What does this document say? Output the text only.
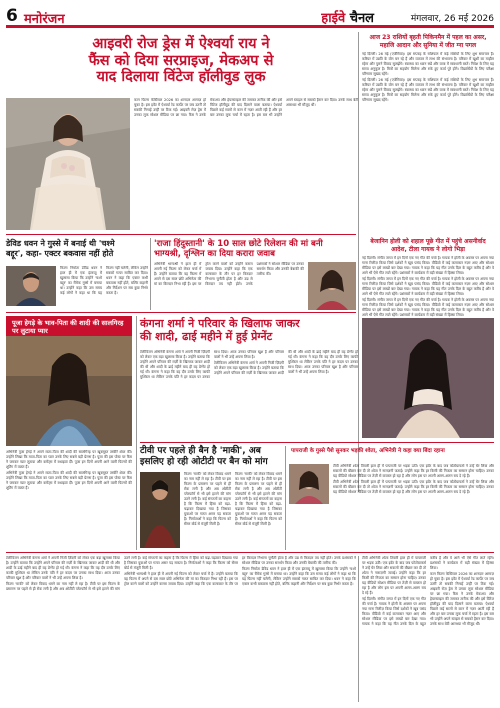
6 मनोरंजन	हाईवे चैनल	मंगलवार, 26 मई 2026
आइवरी रोज ड्रेस में ऐश्वर्या राय ने
फैंस को दिया सरप्राइज, मेकअप से
याद दिलाया विंटेज हॉलीवुड लुक

कान फिल्म फेस्टिवल 2026 का शानदार आगाज़ हो चुका है। इस इवेंट में ऐश्वर्या रेड कार्पेट पर जब उतरीं तो सबकी निगाहें उन्हीं पर टिक गईं। आइवरी रोज़ ड्रेस में उनका लुक सोशल मीडिया पर छा गया। फैंस ने उनके मेकअप और हेयरस्टाइल की जमकर तारीफ की और इसे विंटेज हॉलीवुड की याद दिलाने वाला बताया। ऐश्वर्या पिछले कई सालों से कान में नज़र आती रही हैं और हर बार उनका लुक चर्चा में रहता है। इस बार भी उन्होंने अपने स्टाइल से सबको हैरान कर दिया। उनके साथ बेटी आराध्या भी मौजूद थीं।

आज 23 राशियों बृहती पिकिनमैन में पहल का असर, महाजि आदान और सुनिया में जीत ग्ना पगल

नई दिल्ली। 26 मई (एजेंसियां)। इस सप्ताह के राशिफल में कई राशियों के लिए शुभ समाचार हैं। करियर में उन्नति के योग बन रहे हैं और व्यापार में लाभ की संभावना है। परिवार में खुशी का माहौल रहेगा और पुराने विवाद सुलझेंगे। स्वास्थ्य का ध्यान रखें और यात्रा में सावधानी बरतें। निवेश के लिए यह समय अनुकूल है। मित्रों का सहयोग मिलेगा और रुके हुए कार्य पूरे होंगे। विद्यार्थियों के लिए परीक्षा परिणाम सुखद रहेंगे।

नई दिल्ली। 26 मई (एजेंसियां)। इस सप्ताह के राशिफल में कई राशियों के लिए शुभ समाचार हैं। करियर में उन्नति के योग बन रहे हैं और व्यापार में लाभ की संभावना है। परिवार में खुशी का माहौल रहेगा और पुराने विवाद सुलझेंगे। स्वास्थ्य का ध्यान रखें और यात्रा में सावधानी बरतें। निवेश के लिए यह समय अनुकूल है। मित्रों का सहयोग मिलेगा और रुके हुए कार्य पूरे होंगे। विद्यार्थियों के लिए परीक्षा परिणाम सुखद रहेंगे।

बेजानिन होली को शहाल पूछे गीत में पहुंचे असनीर्वाद आदेश, टीला गायक ने लोगो भिड़ा

नई दिल्ली। संगीत जगत में इन दिनों एक नए गीत की चर्चा है। गायक ने होली के अवसर पर अपना नया गाना रिलीज़ किया जिसे दर्शकों ने खूब पसंद किया। वीडियो में कई कलाकार नज़र आए और सोशल मीडिया पर इसे लाखों बार देखा गया। गायक ने कहा कि यह गीत उनके दिल के बहुत करीब है और वे आगे भी ऐसे गीत लाते रहेंगे। प्रशंसकों ने कार्यक्रम में बड़ी संख्या में हिस्सा लिया।

नई दिल्ली। संगीत जगत में इन दिनों एक नए गीत की चर्चा है। गायक ने होली के अवसर पर अपना नया गाना रिलीज़ किया जिसे दर्शकों ने खूब पसंद किया। वीडियो में कई कलाकार नज़र आए और सोशल मीडिया पर इसे लाखों बार देखा गया। गायक ने कहा कि यह गीत उनके दिल के बहुत करीब है और वे आगे भी ऐसे गीत लाते रहेंगे। प्रशंसकों ने कार्यक्रम में बड़ी संख्या में हिस्सा लिया।

नई दिल्ली। संगीत जगत में इन दिनों एक नए गीत की चर्चा है। गायक ने होली के अवसर पर अपना नया गाना रिलीज़ किया जिसे दर्शकों ने खूब पसंद किया। वीडियो में कई कलाकार नज़र आए और सोशल मीडिया पर इसे लाखों बार देखा गया। गायक ने कहा कि यह गीत उनके दिल के बहुत करीब है और वे आगे भी ऐसे गीत लाते रहेंगे। प्रशंसकों ने कार्यक्रम में बड़ी संख्या में हिस्सा लिया।

डेविड धवन ने गुस्से में बनाई थी 'चश्मे
बद्दूर', कहा- एक्टर बकवास नहीं होते

फिल्म निर्माता डेविड धवन ने हाल ही में एक इंटरव्यू में खुलासा किया कि उन्होंने 'चश्मे बद्दूर' का रीमेक गुस्से में बनाया था। उन्होंने कहा कि उस समय कई लोगों ने कहा था कि यह फिल्म नहीं चलेगी, लेकिन उन्होंने सबको गलत साबित कर दिया। धवन ने कहा कि एक्टर कभी बकवास नहीं होते, बल्कि कहानी और निर्देशन पर सब कुछ निर्भर करता है।

'राजा हिंदुस्तानी' के 10 साल छोटे रिलेशन की मां बनी
भाग्यश्री, दृश्लिन का दिया करारा जवाब

अभिनेत्री भाग्यश्री ने हाल ही में अपनी नई फिल्म को लेकर चर्चा में हैं। उन्होंने बताया कि वह फिल्म में अपने से दस साल छोटे अभिनेता की मां का किरदार निभा रही हैं। इस पर ट्रोल करने वालों को उन्होंने करारा जवाब दिया। उन्होंने कहा कि एक कलाकार के तौर पर हर किरदार निभाना चुनौती होता है और उम्र से किरदार तय नहीं होते। उनके प्रशंसकों ने सोशल मीडिया पर उनका समर्थन किया और उनकी बेबाकी की तारीफ की।

पूजा हेगड़े के भाव-पिता की शादी की सालगिरह पर लुटाया प्यार

अभिनेत्री पूजा हेगड़े ने अपने माता-पिता की शादी की सालगिरह पर खूबसूरत तस्वीरें शेयर कीं। उन्होंने लिखा कि माता-पिता का प्यार उनके लिए सबसे बड़ी प्रेरणा है। पूजा की इस पोस्ट पर फैंस ने जमकर प्यार लुटाया और कमेंट्स में बधाइयां दीं। पूजा इन दिनों अपनी आने वाली फिल्मों की शूटिंग में व्यस्त हैं।

अभिनेत्री पूजा हेगड़े ने अपने माता-पिता की शादी की सालगिरह पर खूबसूरत तस्वीरें शेयर कीं। उन्होंने लिखा कि माता-पिता का प्यार उनके लिए सबसे बड़ी प्रेरणा है। पूजा की इस पोस्ट पर फैंस ने जमकर प्यार लुटाया और कमेंट्स में बधाइयां दीं। पूजा इन दिनों अपनी आने वाली फिल्मों की शूटिंग में व्यस्त हैं।

कंगना शर्मा ने परिवार के खिलाफ जाकर
की शादी, ढाई महीने में हुई प्रेग्नेंट

टेलीविजन अभिनेत्री कंगना शर्मा ने अपनी निजी ज़िंदगी को लेकर एक बड़ा खुलासा किया है। उन्होंने बताया कि उन्होंने अपने परिवार की मर्ज़ी के खिलाफ जाकर शादी की थी और शादी के ढाई महीने बाद ही वह प्रेग्नेंट हो गई थीं। कंगना ने कहा कि वह दौर उनके लिए काफी मुश्किल था लेकिन उनके पति ने हर कदम पर उनका साथ दिया। आज उनका परिवार खुश है और परिवार वालों ने भी उन्हें अपना लिया है।

टेलीविजन अभिनेत्री कंगना शर्मा ने अपनी निजी ज़िंदगी को लेकर एक बड़ा खुलासा किया है। उन्होंने बताया कि उन्होंने अपने परिवार की मर्ज़ी के खिलाफ जाकर शादी की थी और शादी के ढाई महीने बाद ही वह प्रेग्नेंट हो गई थीं। कंगना ने कहा कि वह दौर उनके लिए काफी मुश्किल था लेकिन उनके पति ने हर कदम पर उनका साथ दिया। आज उनका परिवार खुश है और परिवार वालों ने भी उन्हें अपना लिया है।

टीवी पर पहले ही बैन है 'माकी', अब
इसलिए हो रही ओटीटी पर बैन को मांग

फिल्म 'माकी' को लेकर विवाद थमने का नाम नहीं ले रहा है। टीवी पर इस फिल्म के प्रसारण पर पहले से ही रोक लगी है और अब ओटीटी प्लेटफॉर्म से भी इसे हटाने की मांग उठने लगी है। कई संगठनों का कहना है कि फिल्म में हिंसा को बढ़ा-चढ़ाकर दिखाया गया है जिसका युवाओं पर गलत असर पड़ सकता है। निर्माताओं ने कहा कि फिल्म को सेंसर बोर्ड से मंजूरी मिली है।

फिल्म 'माकी' को लेकर विवाद थमने का नाम नहीं ले रहा है। टीवी पर इस फिल्म के प्रसारण पर पहले से ही रोक लगी है और अब ओटीटी प्लेटफॉर्म से भी इसे हटाने की मांग उठने लगी है। कई संगठनों का कहना है कि फिल्म में हिंसा को बढ़ा-चढ़ाकर दिखाया गया है जिसका युवाओं पर गलत असर पड़ सकता है। निर्माताओं ने कहा कि फिल्म को सेंसर बोर्ड से मंजूरी मिली है।

पापराजी के गुस्से पैशे सुनकर भड़की श्वेता, अभिनेत्री ने कहा क्या बिंदा रहाना

टीवी अभिनेत्री श्वेता तिवारी हाल ही में पापराजी पर भड़क उठीं। एक इवेंट के बाद जब फोटोग्राफर्स ने उन्हें घेर लिया और सवालों की बौछार कर दी तो श्वेता ने नाराज़गी जताई। उन्होंने कहा कि हर किसी की निजता का सम्मान होना चाहिए। उनका यह वीडियो सोशल मीडिया पर तेज़ी से वायरल हो रहा है और लोग इस पर अपनी अलग-अलग राय दे रहे हैं।

टीवी अभिनेत्री श्वेता तिवारी हाल ही में पापराजी पर भड़क उठीं। एक इवेंट के बाद जब फोटोग्राफर्स ने उन्हें घेर लिया और सवालों की बौछार कर दी तो श्वेता ने नाराज़गी जताई। उन्होंने कहा कि हर किसी की निजता का सम्मान होना चाहिए। उनका यह वीडियो सोशल मीडिया पर तेज़ी से वायरल हो रहा है और लोग इस पर अपनी अलग-अलग राय दे रहे हैं।

टेलीविजन अभिनेत्री कंगना शर्मा ने अपनी निजी ज़िंदगी को लेकर एक बड़ा खुलासा किया है। उन्होंने बताया कि उन्होंने अपने परिवार की मर्ज़ी के खिलाफ जाकर शादी की थी और शादी के ढाई महीने बाद ही वह प्रेग्नेंट हो गई थीं। कंगना ने कहा कि वह दौर उनके लिए काफी मुश्किल था लेकिन उनके पति ने हर कदम पर उनका साथ दिया। आज उनका परिवार खुश है और परिवार वालों ने भी उन्हें अपना लिया है।

फिल्म 'माकी' को लेकर विवाद थमने का नाम नहीं ले रहा है। टीवी पर इस फिल्म के प्रसारण पर पहले से ही रोक लगी है और अब ओटीटी प्लेटफॉर्म से भी इसे हटाने की मांग उठने लगी है। कई संगठनों का कहना है कि फिल्म में हिंसा को बढ़ा-चढ़ाकर दिखाया गया है जिसका युवाओं पर गलत असर पड़ सकता है। निर्माताओं ने कहा कि फिल्म को सेंसर बोर्ड से मंजूरी मिली है।

अभिनेत्री भाग्यश्री ने हाल ही में अपनी नई फिल्म को लेकर चर्चा में हैं। उन्होंने बताया कि वह फिल्म में अपने से दस साल छोटे अभिनेता की मां का किरदार निभा रही हैं। इस पर ट्रोल करने वालों को उन्होंने करारा जवाब दिया। उन्होंने कहा कि एक कलाकार के तौर पर हर किरदार निभाना चुनौती होता है और उम्र से किरदार तय नहीं होते। उनके प्रशंसकों ने सोशल मीडिया पर उनका समर्थन किया और उनकी बेबाकी की तारीफ की।

फिल्म निर्माता डेविड धवन ने हाल ही में एक इंटरव्यू में खुलासा किया कि उन्होंने 'चश्मे बद्दूर' का रीमेक गुस्से में बनाया था। उन्होंने कहा कि उस समय कई लोगों ने कहा था कि यह फिल्म नहीं चलेगी, लेकिन उन्होंने सबको गलत साबित कर दिया। धवन ने कहा कि एक्टर कभी बकवास नहीं होते, बल्कि कहानी और निर्देशन पर सब कुछ निर्भर करता है।

टीवी अभिनेत्री श्वेता तिवारी हाल ही में पापराजी पर भड़क उठीं। एक इवेंट के बाद जब फोटोग्राफर्स ने उन्हें घेर लिया और सवालों की बौछार कर दी तो श्वेता ने नाराज़गी जताई। उन्होंने कहा कि हर किसी की निजता का सम्मान होना चाहिए। उनका यह वीडियो सोशल मीडिया पर तेज़ी से वायरल हो रहा है और लोग इस पर अपनी अलग-अलग राय दे रहे हैं।

नई दिल्ली। संगीत जगत में इन दिनों एक नए गीत की चर्चा है। गायक ने होली के अवसर पर अपना नया गाना रिलीज़ किया जिसे दर्शकों ने खूब पसंद किया। वीडियो में कई कलाकार नज़र आए और सोशल मीडिया पर इसे लाखों बार देखा गया। गायक ने कहा कि यह गीत उनके दिल के बहुत करीब है और वे आगे भी ऐसे गीत लाते रहेंगे। प्रशंसकों ने कार्यक्रम में बड़ी संख्या में हिस्सा लिया।

कान फिल्म फेस्टिवल 2026 का शानदार आगाज़ हो चुका है। इस इवेंट में ऐश्वर्या रेड कार्पेट पर जब उतरीं तो सबकी निगाहें उन्हीं पर टिक गईं। आइवरी रोज़ ड्रेस में उनका लुक सोशल मीडिया पर छा गया। फैंस ने उनके मेकअप और हेयरस्टाइल की जमकर तारीफ की और इसे विंटेज हॉलीवुड की याद दिलाने वाला बताया। ऐश्वर्या पिछले कई सालों से कान में नज़र आती रही हैं और हर बार उनका लुक चर्चा में रहता है। इस बार भी उन्होंने अपने स्टाइल से सबको हैरान कर दिया। उनके साथ बेटी आराध्या भी मौजूद थीं।
